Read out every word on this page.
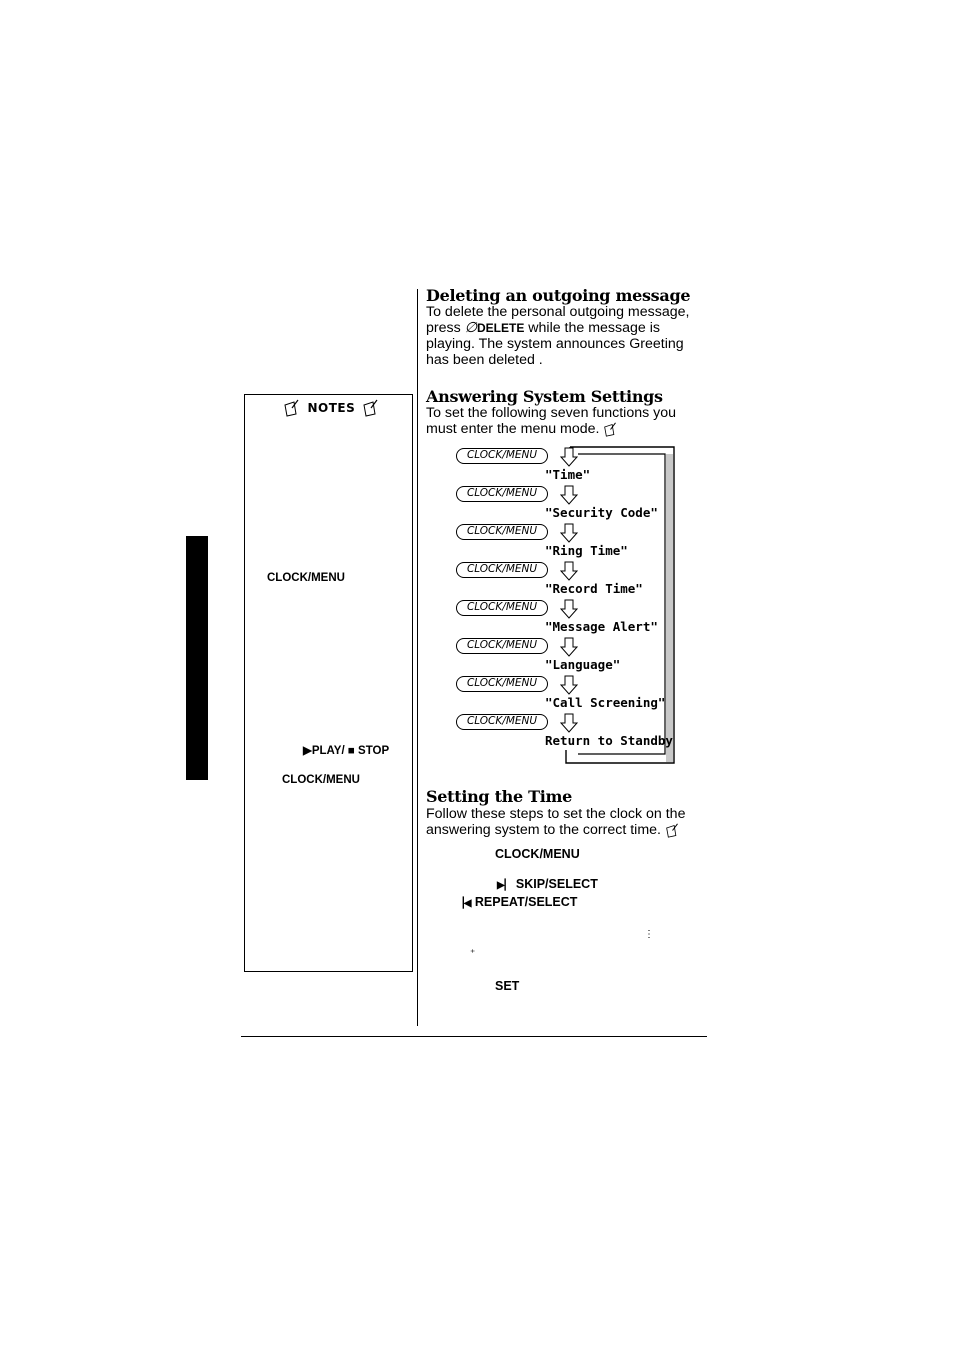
NOTES
CLOCK/MENU
▶PLAY/ ■ STOP
CLOCK/MENU
Deleting an outgoing message
To delete the personal outgoing message,
press ∅DELETE while the message is
playing. The system announces Greeting
has been deleted .
Answering System Settings
To set the following seven functions you
must enter the menu mode.
CLOCK/MENU
"Time"
CLOCK/MENU
"Security Code"
CLOCK/MENU
"Ring Time"
CLOCK/MENU
"Record Time"
CLOCK/MENU
"Message Alert"
CLOCK/MENU
"Language"
CLOCK/MENU
"Call Screening"
CLOCK/MENU
Return to Standby
Setting the Time
Follow these steps to set the clock on the
answering system to the correct time.
CLOCK/MENU
▶▏ SKIP/SELECT
▕◀ REPEAT/SELECT
⋮
⁺
SET
